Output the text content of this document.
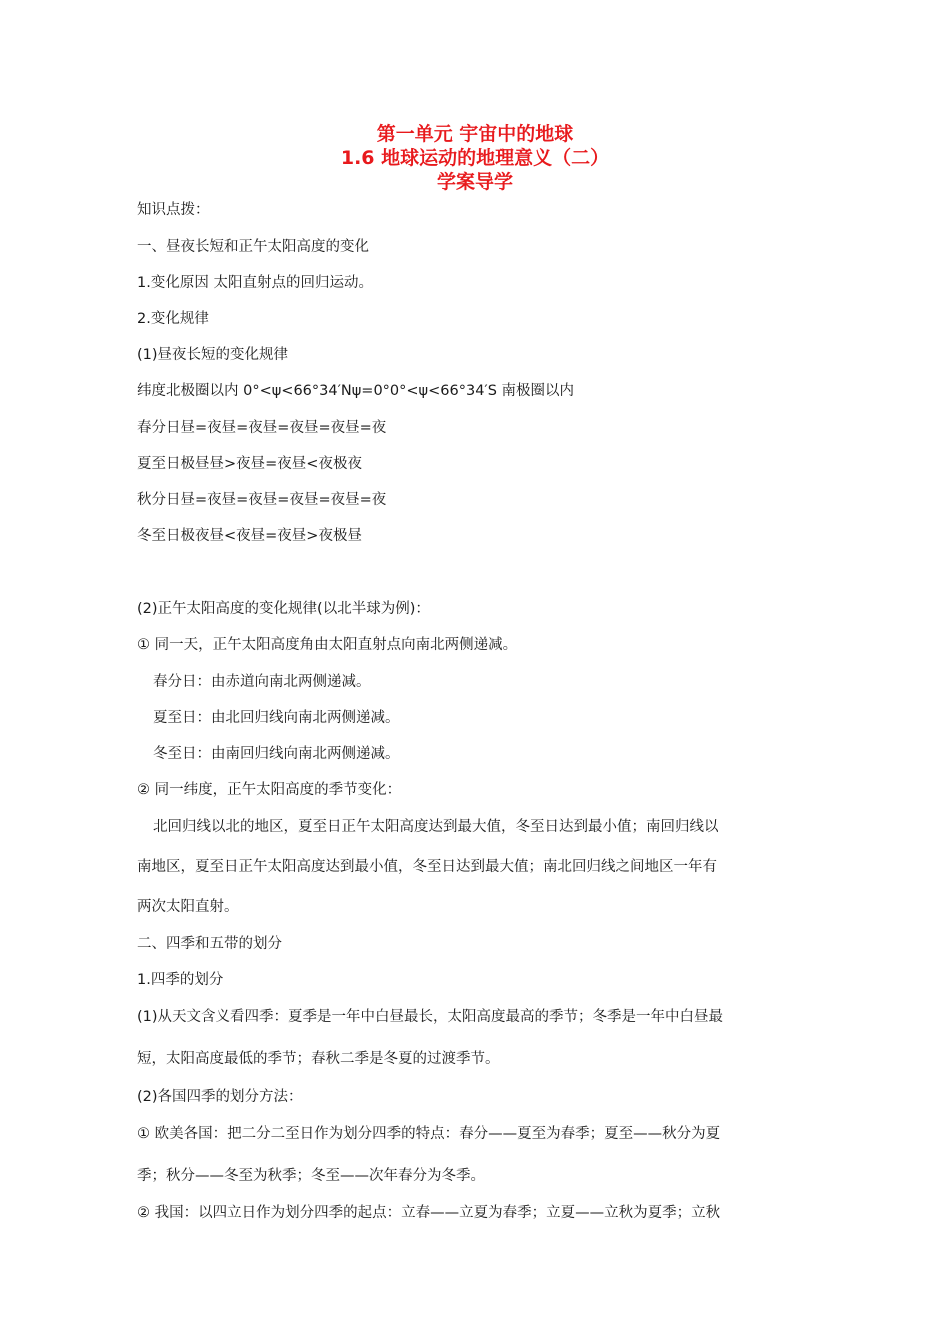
第一单元 宇宙中的地球
1.6 地球运动的地理意义（二）
学案导学

知识点拨：

一、昼夜长短和正午太阳高度的变化

1.变化原因 太阳直射点的回归运动。

2.变化规律

(1)昼夜长短的变化规律

纬度北极圈以内 0°<ψ<66°34′Nψ=0°0°<ψ<66°34′S 南极圈以内

春分日昼=夜昼=夜昼=夜昼=夜昼=夜

夏至日极昼昼>夜昼=夜昼<夜极夜

秋分日昼=夜昼=夜昼=夜昼=夜昼=夜

冬至日极夜昼<夜昼=夜昼>夜极昼

(2)正午太阳高度的变化规律(以北半球为例)：

① 同一天，正午太阳高度角由太阳直射点向南北两侧递减。

春分日：由赤道向南北两侧递减。

夏至日：由北回归线向南北两侧递减。

冬至日：由南回归线向南北两侧递减。

② 同一纬度，正午太阳高度的季节变化：

北回归线以北的地区，夏至日正午太阳高度达到最大值，冬至日达到最小值；南回归线以

南地区，夏至日正午太阳高度达到最小值，冬至日达到最大值；南北回归线之间地区一年有

两次太阳直射。

二、四季和五带的划分

1.四季的划分

(1)从天文含义看四季：夏季是一年中白昼最长，太阳高度最高的季节；冬季是一年中白昼最

短，太阳高度最低的季节；春秋二季是冬夏的过渡季节。

(2)各国四季的划分方法：

① 欧美各国：把二分二至日作为划分四季的特点：春分——夏至为春季；夏至——秋分为夏

季；秋分——冬至为秋季；冬至——次年春分为冬季。

② 我国：以四立日作为划分四季的起点：立春——立夏为春季；立夏——立秋为夏季；立秋
